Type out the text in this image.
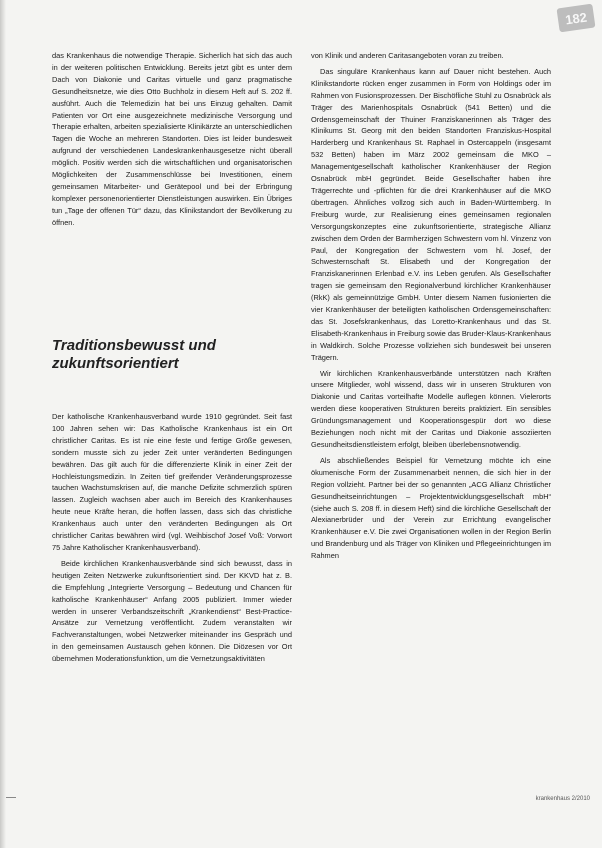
182

das Krankenhaus die notwendige Therapie. Sicherlich hat sich das auch in der weiteren politischen Entwicklung. Bereits jetzt gibt es unter dem Dach von Diakonie und Caritas virtuelle und ganz pragmatische Gesundheitsnetze, wie dies Otto Buchholz in diesem Heft auf S. 202 ff. ausführt. Auch die Telemedizin hat bei uns Einzug gehalten. Damit Patienten vor Ort eine ausgezeichnete medizinische Versorgung und Therapie erhalten, arbeiten spezialisierte Klinikärzte an unterschiedlichen Tagen die Woche an mehreren Standorten. Dies ist leider bundesweit aufgrund der verschiedenen Landeskrankenhausgesetze nicht überall möglich. Positiv werden sich die wirtschaftlichen und organisatorischen Möglichkeiten der Zusammenschlüsse bei Investitionen, einem gemeinsamen Mitarbeiter- und Gerätepool und bei der Erbringung komplexer personenorientierter Dienstleistungen auswirken. Ein Übriges tun „Tage der offenen Tür“ dazu, das Klinikstandort der Bevölkerung zu öffnen.

Traditionsbewusst und zukunftsorientiert

Der katholische Krankenhausverband wurde 1910 gegründet. Seit fast 100 Jahren sehen wir: Das Katholische Krankenhaus ist ein Ort christlicher Caritas. Es ist nie eine feste und fertige Größe gewesen, sondern musste sich zu jeder Zeit unter veränderten Bedingungen bewähren. Das gilt auch für die differenzierte Klinik in einer Zeit der Hochleistungsmedizin. In Zeiten tief greifender Veränderungsprozesse tauchen Wachstumskrisen auf, die manche Defizite schmerzlich spüren lassen. Zugleich wachsen aber auch im Bereich des Krankenhauses heute neue Kräfte heran, die hoffen lassen, dass sich das christliche Krankenhaus auch unter den veränderten Bedingungen als Ort christlicher Caritas bewähren wird (vgl. Weihbischof Josef Voß: Vorwort 75 Jahre Katholischer Krankenhausverband).

Beide kirchlichen Krankenhausverbände sind sich bewusst, dass in heutigen Zeiten Netzwerke zukunftsorientiert sind. Der KKVD hat z. B. die Empfehlung „Integrierte Versorgung – Bedeutung und Chancen für katholische Krankenhäuser“ Anfang 2005 publiziert. Immer wieder werden in unserer Verbandszeitschrift „Krankendienst“ Best-Practice-Ansätze zur Vernetzung veröffentlicht. Zudem veranstalten wir Fachveranstaltungen, wobei Netzwerker miteinander ins Gespräch und in den gemeinsamen Austausch gehen können. Die Diözesen vor Ort übernehmen Moderationsfunktion, um die Vernetzungsaktivitäten

von Klinik und anderen Caritasangeboten voran zu treiben.

Das singuläre Krankenhaus kann auf Dauer nicht bestehen. Auch Klinikstandorte rücken enger zusammen in Form von Holdings oder im Rahmen von Fusionsprozessen. Der Bischöfliche Stuhl zu Osnabrück als Träger des Marienhospitals Osnabrück (541 Betten) und die Ordensgemeinschaft der Thuiner Franziskanerinnen als Träger des Klinikums St. Georg mit den beiden Standorten Franziskus-Hospital Harderberg und Krankenhaus St. Raphael in Ostercappeln (insgesamt 532 Betten) haben im März 2002 gemeinsam die MKO – Managementgesellschaft katholischer Krankenhäuser der Region Osnabrück mbH gegründet. Beide Gesellschafter haben ihre Trägerrechte und -pflichten für die drei Krankenhäuser auf die MKO übertragen. Ähnliches vollzog sich auch in Baden-Württemberg. In Freiburg wurde, zur Realisierung eines gemeinsamen regionalen Versorgungskonzeptes eine zukunftsorientierte, strategische Allianz zwischen dem Orden der Barmherzigen Schwestern vom hl. Vinzenz von Paul, der Kongregation der Schwestern vom hl. Josef, der Schwesternschaft St. Elisabeth und der Kongregation der Franziskanerinnen Erlenbad e.V. ins Leben gerufen. Als Gesellschafter tragen sie gemeinsam den Regionalverbund kirchlicher Krankenhäuser (RkK) als gemeinnützige GmbH. Unter diesem Namen fusionierten die vier Krankenhäuser der beteiligten katholischen Ordensgemeinschaften: das St. Josefskrankenhaus, das Loretto-Krankenhaus und das St. Elisabeth-Krankenhaus in Freiburg sowie das Bruder-Klaus-Krankenhaus in Waldkirch. Solche Prozesse vollziehen sich bundesweit bei unseren Trägern.

Wir kirchlichen Krankenhausverbände unterstützen nach Kräften unsere Mitglieder, wohl wissend, dass wir in unseren Strukturen von Diakonie und Caritas vorteilhafte Modelle auflegen können. Vielerorts werden diese kooperativen Strukturen bereits praktiziert. Ein sensibles Gründungsmanagement und Kooperationsgespür dort wo diese Beziehungen noch nicht mit der Caritas und Diakonie assoziierten Gesundheitsdienstleistern erfolgt, bleiben überlebensnotwendig.

Als abschließendes Beispiel für Vernetzung möchte ich eine ökumenische Form der Zusammenarbeit nennen, die sich hier in der Region vollzieht. Partner bei der so genannten „ACG Allianz Christlicher Gesundheitseinrichtungen – Projektentwicklungsgesellschaft mbH“ (siehe auch S. 208 ff. in diesem Heft) sind die kirchliche Gesellschaft der Alexianerbrüder und der Verein zur Errichtung evangelischer Krankenhäuser e.V. Die zwei Organisationen wollen in der Region Berlin und Brandenburg und als Träger von Kliniken und Pflegeeinrichtungen im Rahmen

krankenhaus 2/2010
